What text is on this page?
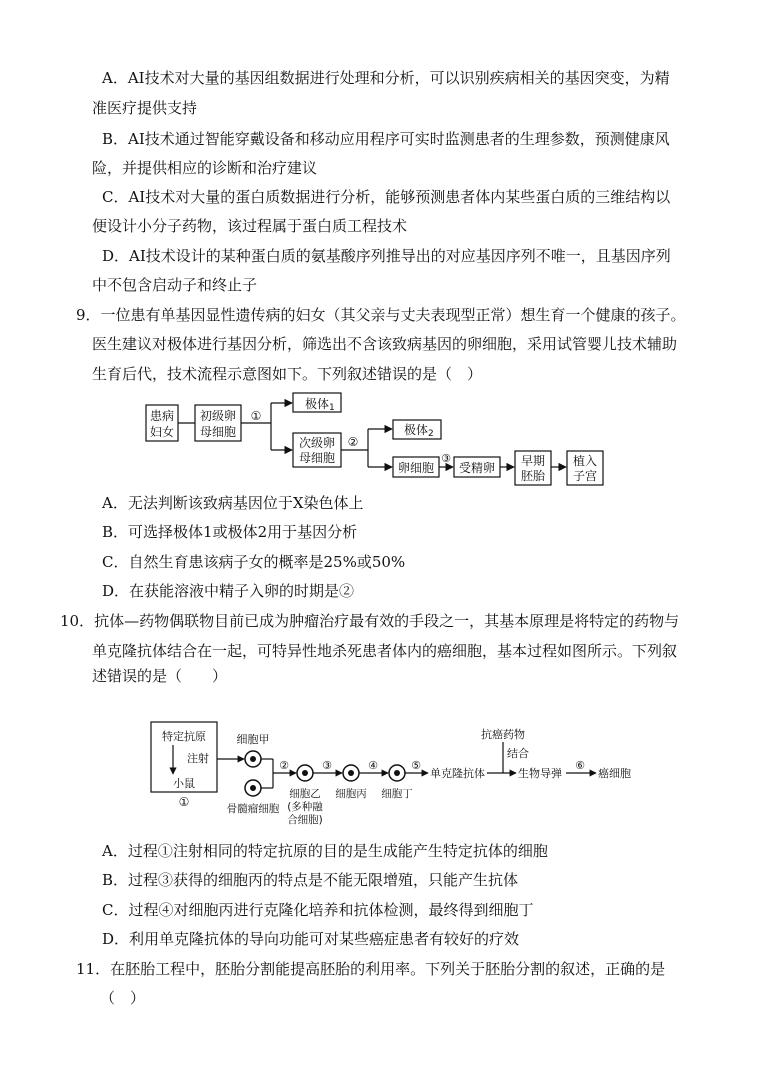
A．AI技术对大量的基因组数据进行处理和分析，可以识别疾病相关的基因突变，为精
准医疗提供支持
B．AI技术通过智能穿戴设备和移动应用程序可实时监测患者的生理参数，预测健康风
险，并提供相应的诊断和治疗建议
C．AI技术对大量的蛋白质数据进行分析，能够预测患者体内某些蛋白质的三维结构以
便设计小分子药物，该过程属于蛋白质工程技术
D．AI技术设计的某种蛋白质的氨基酸序列推导出的对应基因序列不唯一，且基因序列
中不包含启动子和终止子
9．一位患有单基因显性遗传病的妇女（其父亲与丈夫表现型正常）想生育一个健康的孩子。
医生建议对极体进行基因分析，筛选出不含该致病基因的卵细胞，采用试管婴儿技术辅助
生育后代，技术流程示意图如下。下列叙述错误的是（　）
患病
妇女
初级卵
母细胞
①
极体1
次级卵
母细胞
②
极体2
卵细胞
③
受精卵 早期
胚胎
植入
子宫
A．无法判断该致病基因位于X染色体上
B．可选择极体1或极体2用于基因分析
C．自然生育患该病子女的概率是25%或50%
D．在获能溶液中精子入卵的时期是②
10．抗体—药物偶联物目前已成为肿瘤治疗最有效的手段之一，其基本原理是将特定的药物与
单克隆抗体结合在一起，可特异性地杀死患者体内的癌细胞，基本过程如图所示。下列叙
述错误的是（　　）
特定抗原
注射
小鼠
①
细胞甲
骨髓瘤细胞
②
细胞乙
(多种融
合细胞)
③
细胞丙
④
细胞丁
⑤
单克隆抗体
抗癌药物
结合
生物导弹
⑥
癌细胞
A．过程①注射相同的特定抗原的目的是生成能产生特定抗体的细胞
B．过程③获得的细胞丙的特点是不能无限增殖，只能产生抗体
C．过程④对细胞丙进行克隆化培养和抗体检测，最终得到细胞丁
D．利用单克隆抗体的导向功能可对某些癌症患者有较好的疗效
11．在胚胎工程中，胚胎分割能提高胚胎的利用率。下列关于胚胎分割的叙述，正确的是
（　）
